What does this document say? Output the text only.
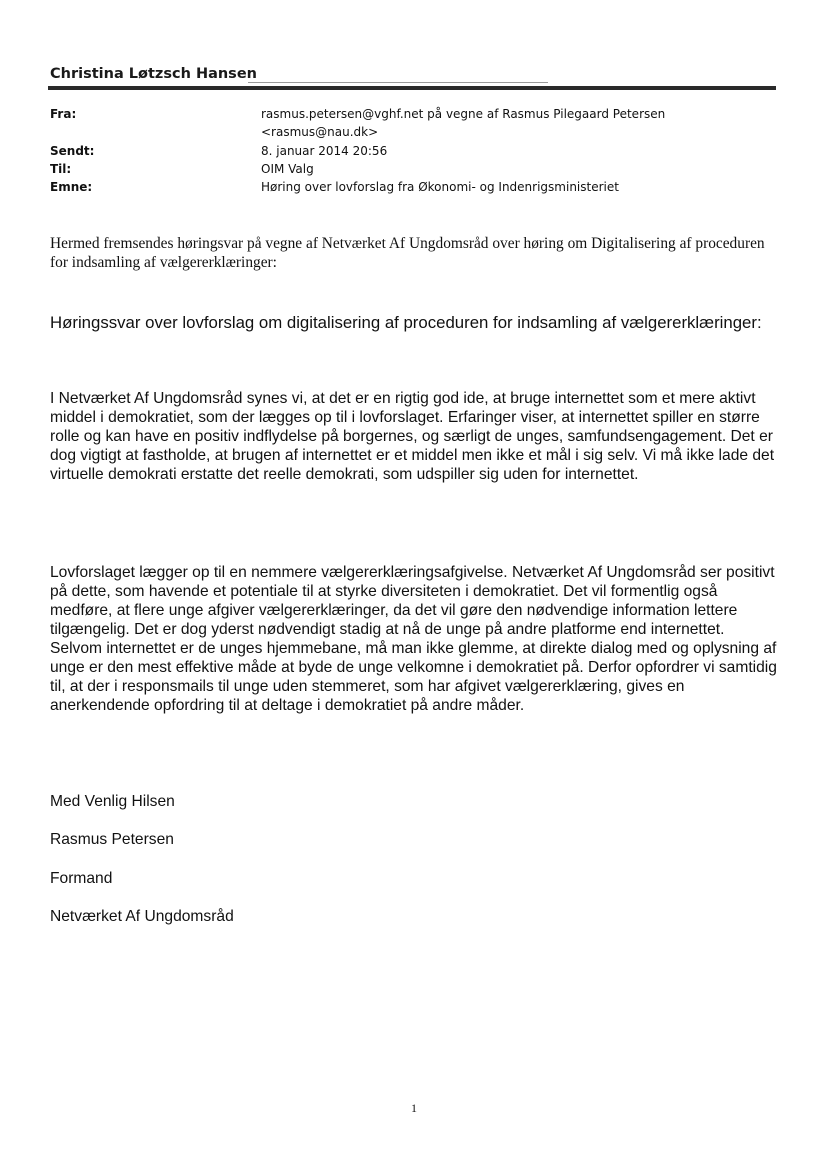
Christina Løtzsch Hansen
Fra:	rasmus.petersen@vghf.net på vegne af Rasmus Pilegaard Petersen
<rasmus@nau.dk>
Sendt:	8. januar 2014 20:56
Til:	OIM Valg
Emne:	Høring over lovforslag fra Økonomi- og Indenrigsministeriet
Hermed fremsendes høringsvar på vegne af Netværket Af Ungdomsråd over høring om Digitalisering af proceduren for indsamling af vælgererklæringer:
Høringssvar over lovforslag om digitalisering af proceduren for indsamling af vælgererklæringer:
I Netværket Af Ungdomsråd synes vi, at det er en rigtig god ide, at bruge internettet som et mere aktivt middel i demokratiet, som der lægges op til i lovforslaget. Erfaringer viser, at internettet spiller en større rolle og kan have en positiv indflydelse på borgernes, og særligt de unges, samfundsengagement. Det er dog vigtigt at fastholde, at brugen af internettet er et middel men ikke et mål i sig selv. Vi må ikke lade det virtuelle demokrati erstatte det reelle demokrati, som udspiller sig uden for internettet.
Lovforslaget lægger op til en nemmere vælgererklæringsafgivelse. Netværket Af Ungdomsråd ser positivt på dette, som havende et potentiale til at styrke diversiteten i demokratiet. Det vil formentlig også medføre, at flere unge afgiver vælgererklæringer, da det vil gøre den nødvendige information lettere tilgængelig. Det er dog yderst nødvendigt stadig at nå de unge på andre platforme end internettet. Selvom internettet er de unges hjemmebane, må man ikke glemme, at direkte dialog med og oplysning af unge er den mest effektive måde at byde de unge velkomne i demokratiet på. Derfor opfordrer vi samtidig til, at der i responsmails til unge uden stemmeret, som har afgivet vælgererklæring, gives en anerkendende opfordring til at deltage i demokratiet på andre måder.
Med Venlig Hilsen
Rasmus Petersen
Formand
Netværket Af Ungdomsråd
1
